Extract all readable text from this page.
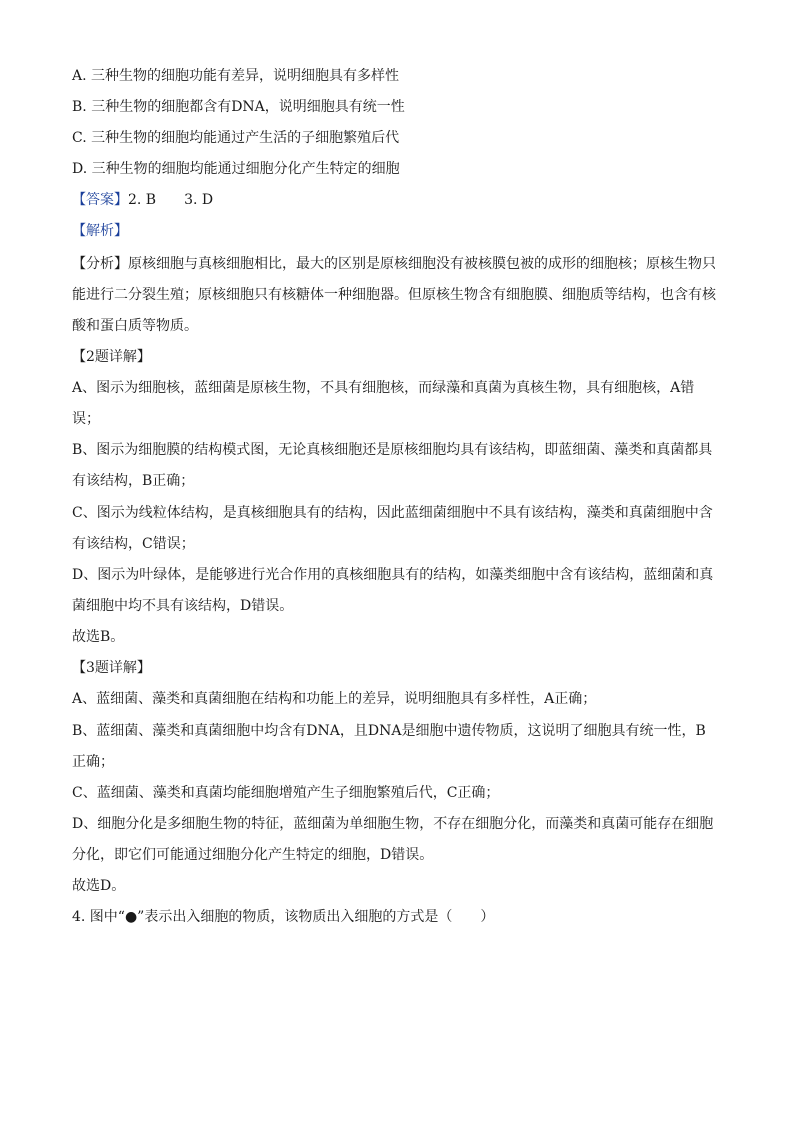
A. 三种生物的细胞功能有差异，说明细胞具有多样性
B. 三种生物的细胞都含有DNA，说明细胞具有统一性
C. 三种生物的细胞均能通过产生活的子细胞繁殖后代
D. 三种生物的细胞均能通过细胞分化产生特定的细胞
【答案】2. B　　3. D
【解析】
【分析】原核细胞与真核细胞相比，最大的区别是原核细胞没有被核膜包被的成形的细胞核；原核生物只
能进行二分裂生殖；原核细胞只有核糖体一种细胞器。但原核生物含有细胞膜、细胞质等结构，也含有核
酸和蛋白质等物质。
【2题详解】
A、图示为细胞核，蓝细菌是原核生物，不具有细胞核，而绿藻和真菌为真核生物，具有细胞核，A错
误；
B、图示为细胞膜的结构模式图，无论真核细胞还是原核细胞均具有该结构，即蓝细菌、藻类和真菌都具
有该结构，B正确；
C、图示为线粒体结构，是真核细胞具有的结构，因此蓝细菌细胞中不具有该结构，藻类和真菌细胞中含
有该结构，C错误；
D、图示为叶绿体，是能够进行光合作用的真核细胞具有的结构，如藻类细胞中含有该结构，蓝细菌和真
菌细胞中均不具有该结构，D错误。
故选B。
【3题详解】
A、蓝细菌、藻类和真菌细胞在结构和功能上的差异，说明细胞具有多样性，A正确；
B、蓝细菌、藻类和真菌细胞中均含有DNA，且DNA是细胞中遗传物质，这说明了细胞具有统一性，B
正确；
C、蓝细菌、藻类和真菌均能细胞增殖产生子细胞繁殖后代，C正确；
D、细胞分化是多细胞生物的特征，蓝细菌为单细胞生物，不存在细胞分化，而藻类和真菌可能存在细胞
分化，即它们可能通过细胞分化产生特定的细胞，D错误。
故选D。
4. 图中“●”表示出入细胞的物质，该物质出入细胞的方式是（　　）
